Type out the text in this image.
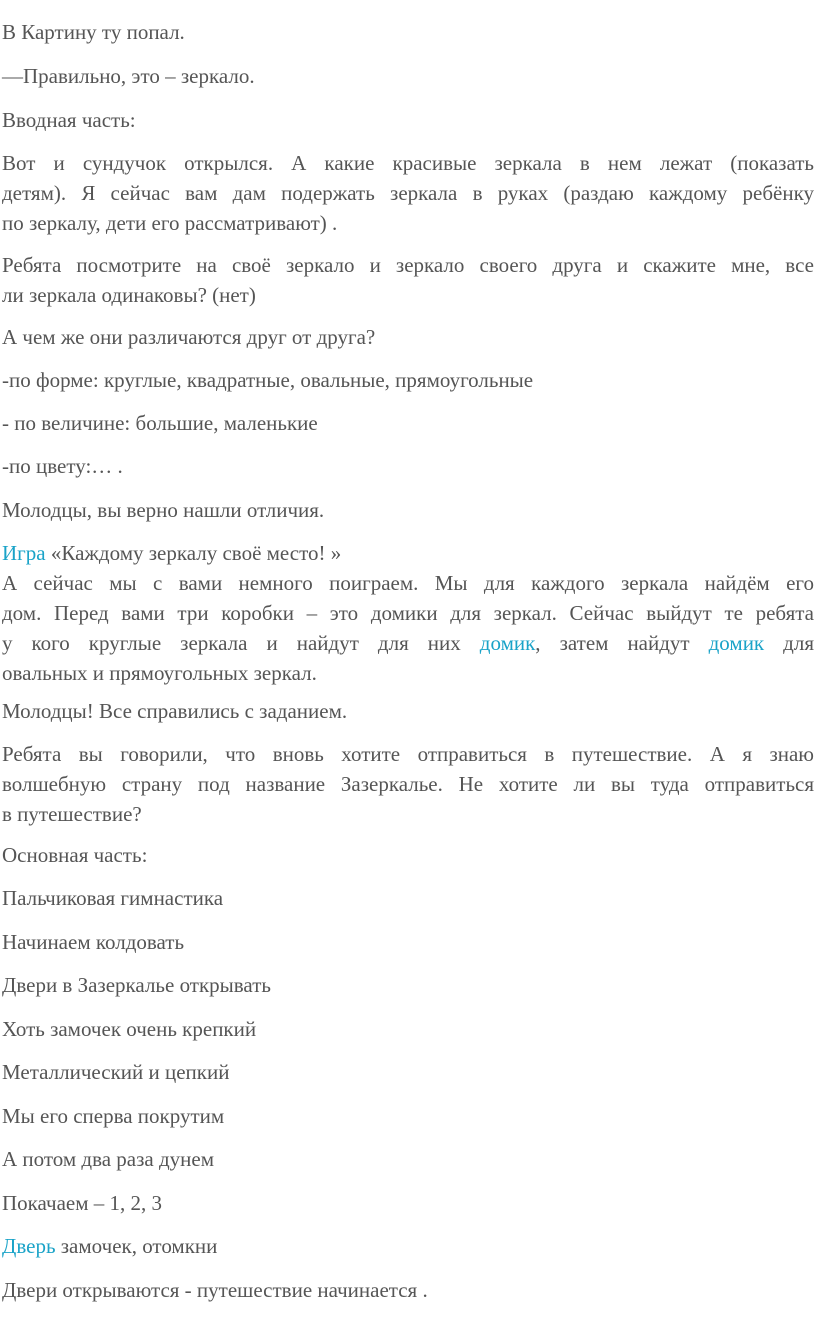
В Картину ту попал.

—Правильно, это – зеркало.

Вводная часть:

Вот и сундучок открылся. А какие красивые зеркала в нем лежат (показать
детям). Я сейчас вам дам подержать зеркала в руках (раздаю каждому ребёнку
по зеркалу, дети его рассматривают) .
Ребята посмотрите на своё зеркало и зеркало своего друга и скажите мне, все
ли зеркала одинаковы? (нет)

А чем же они различаются друг от друга?

-по форме: круглые, квадратные, овальные, прямоугольные

- по величине: большие, маленькие

-по цвету:… .

Молодцы, вы верно нашли отличия.

Игра «Каждому зеркалу своё место! »
А сейчас мы с вами немного поиграем. Мы для каждого зеркала найдём его
дом. Перед вами три коробки – это домики для зеркал. Сейчас выйдут те ребята
у кого круглые зеркала и найдут для них домик, затем найдут домик для
овальных и прямоугольных зеркал.

Молодцы! Все справились с заданием.

Ребята вы говорили, что вновь хотите отправиться в путешествие. А я знаю
волшебную страну под название Зазеркалье. Не хотите ли вы туда отправиться
в путешествие?

Основная часть:

Пальчиковая гимнастика

Начинаем колдовать

Двери в Зазеркалье открывать

Хоть замочек очень крепкий

Металлический и цепкий

Мы его сперва покрутим

А потом два раза дунем

Покачаем – 1, 2, 3

Дверь замочек, отомкни

Двери открываются - путешествие начинается .
